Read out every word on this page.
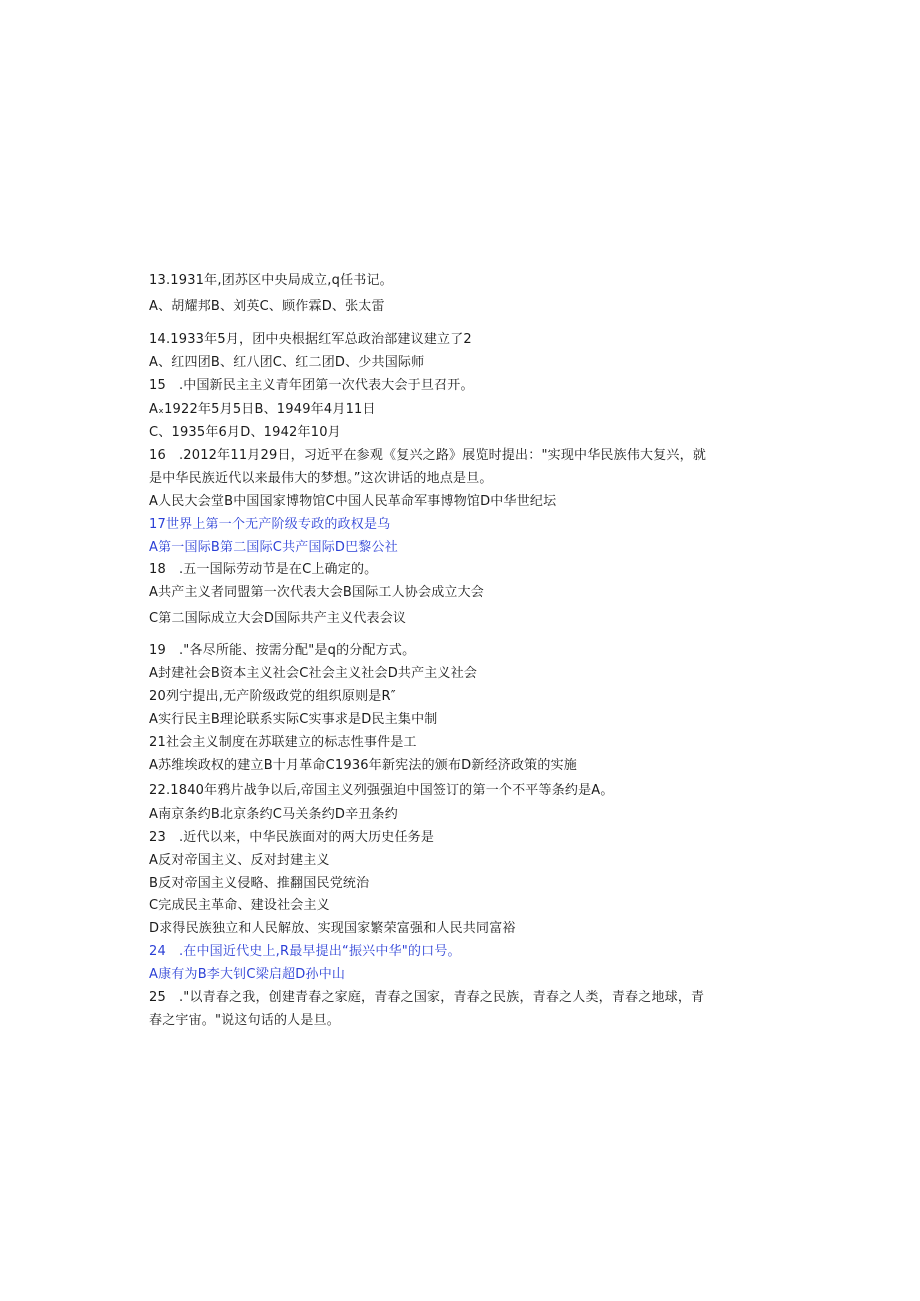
13.1931年,团苏区中央局成立,q任书记。
A、胡耀邦B、刘英C、顾作霖D、张太雷
14.1933年5月，团中央根据红军总政治部建议建立了2
A、红四团B、红八团C、红二团D、少共国际师
15   .中国新民主主义青年团第一次代表大会于旦召开。
Aₓ1922年5月5日B、1949年4月11日
C、1935年6月D、1942年10月
16   .2012年11月29日，习近平在参观《复兴之路》展览时提出："实现中华民族伟大复兴，就
是中华民族近代以来最伟大的梦想。”这次讲话的地点是旦。
A人民大会堂B中国国家博物馆C中国人民革命军事博物馆D中华世纪坛
17世界上第一个无产阶级专政的政权是乌
A第一国际B第二国际C共产国际D巴黎公社
18   .五一国际劳动节是在C上确定的。
A共产主义者同盟第一次代表大会B国际工人协会成立大会
C第二国际成立大会D国际共产主义代表会议
19   ."各尽所能、按需分配"是q的分配方式。
A封建社会B资本主义社会C社会主义社会D共产主义社会
20列宁提出,无产阶级政党的组织原则是R″
A实行民主B理论联系实际C实事求是D民主集中制
21社会主义制度在苏联建立的标志性事件是工
A苏维埃政权的建立B十月革命C1936年新宪法的颁布D新经济政策的实施
22.1840年鸦片战争以后,帝国主义列强强迫中国签订的第一个不平等条约是A。
A南京条约B北京条约C马关条约D辛丑条约
23   .近代以来，中华民族面对的两大历史任务是
A反对帝国主义、反对封建主义
B反对帝国主义侵略、推翻国民党统治
C完成民主革命、建设社会主义
D求得民族独立和人民解放、实现国家繁荣富强和人民共同富裕
24   .在中国近代史上,R最早提出“振兴中华"的口号。
A康有为B李大钊C梁启超D孙中山
25   ."以青春之我，创建青春之家庭，青春之国家，青春之民族，青春之人类，青春之地球，青
春之宇宙。"说这句话的人是旦。
